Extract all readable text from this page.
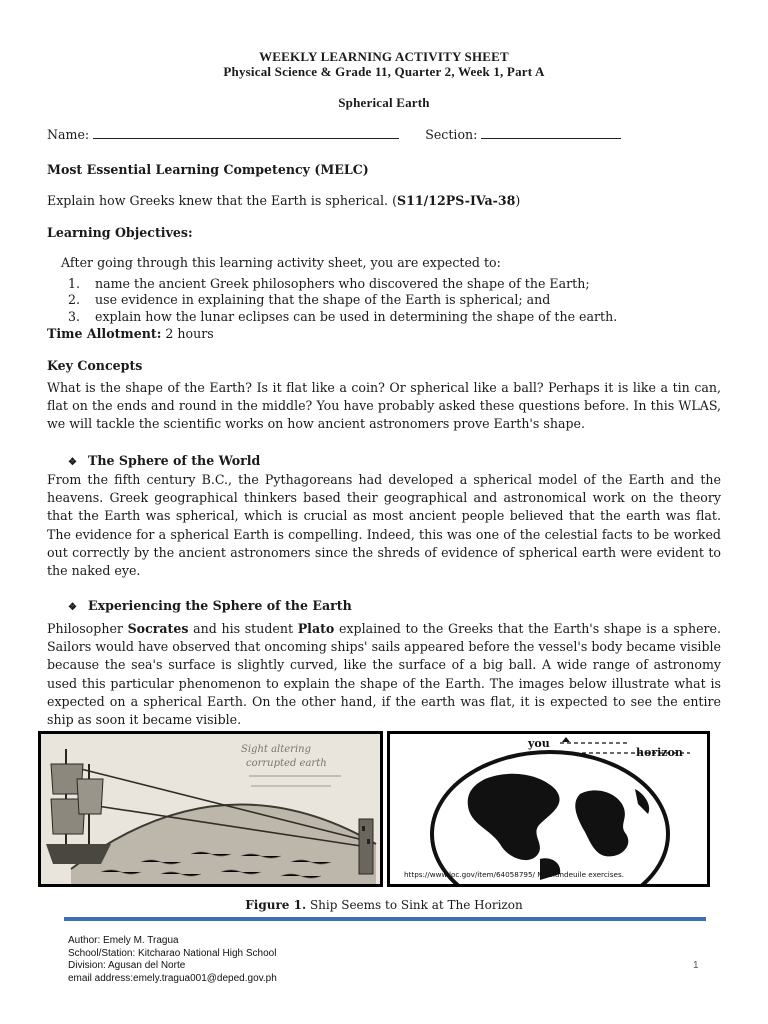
WEEKLY LEARNING ACTIVITY SHEET
Physical Science & Grade 11, Quarter 2, Week 1, Part A
Spherical Earth
Name:	Section:
Most Essential Learning Competency (MELC)
Explain how Greeks knew that the Earth is spherical. (S11/12PS-IVa-38)
Learning Objectives:
After going through this learning activity sheet, you are expected to:
1. name the ancient Greek philosophers who discovered the shape of the Earth;
2. use evidence in explaining that the shape of the Earth is spherical; and
3. explain how the lunar eclipses can be used in determining the shape of the earth.
Time Allotment: 2 hours
Key Concepts
What is the shape of the Earth? Is it flat like a coin? Or spherical like a ball? Perhaps it is like a tin can, flat on the ends and round in the middle? You have probably asked these questions before. In this WLAS, we will tackle the scientific works on how ancient astronomers prove Earth's shape.
❖ The Sphere of the World
From the fifth century B.C., the Pythagoreans had developed a spherical model of the Earth and the heavens. Greek geographical thinkers based their geographical and astronomical work on the theory that the Earth was spherical, which is crucial as most ancient people believed that the earth was flat. The evidence for a spherical Earth is compelling. Indeed, this was one of the celestial facts to be worked out correctly by the ancient astronomers since the shreds of evidence of spherical earth were evident to the naked eye.
❖ Experiencing the Sphere of the Earth
Philosopher Socrates and his student Plato explained to the Greeks that the Earth's shape is a sphere. Sailors would have observed that oncoming ships' sails appeared before the vessel's body became visible because the sea's surface is slightly curved, like the surface of a big ball. A wide range of astronomy used this particular phenomenon to explain the shape of the Earth. The images below illustrate what is expected on a spherical Earth. On the other hand, if the earth was flat, it is expected to see the entire ship as soon it became visible.
Sight altering
corrupted earth
you
horizon
https://www.loc.gov/item/64058795/ M. Blundeuile exercises.
Figure 1. Ship Seems to Sink at The Horizon
Author: Emely M. Tragua
School/Station: Kitcharao National High School
Division: Agusan del Norte
email address:emely.tragua001@deped.gov.ph
1
